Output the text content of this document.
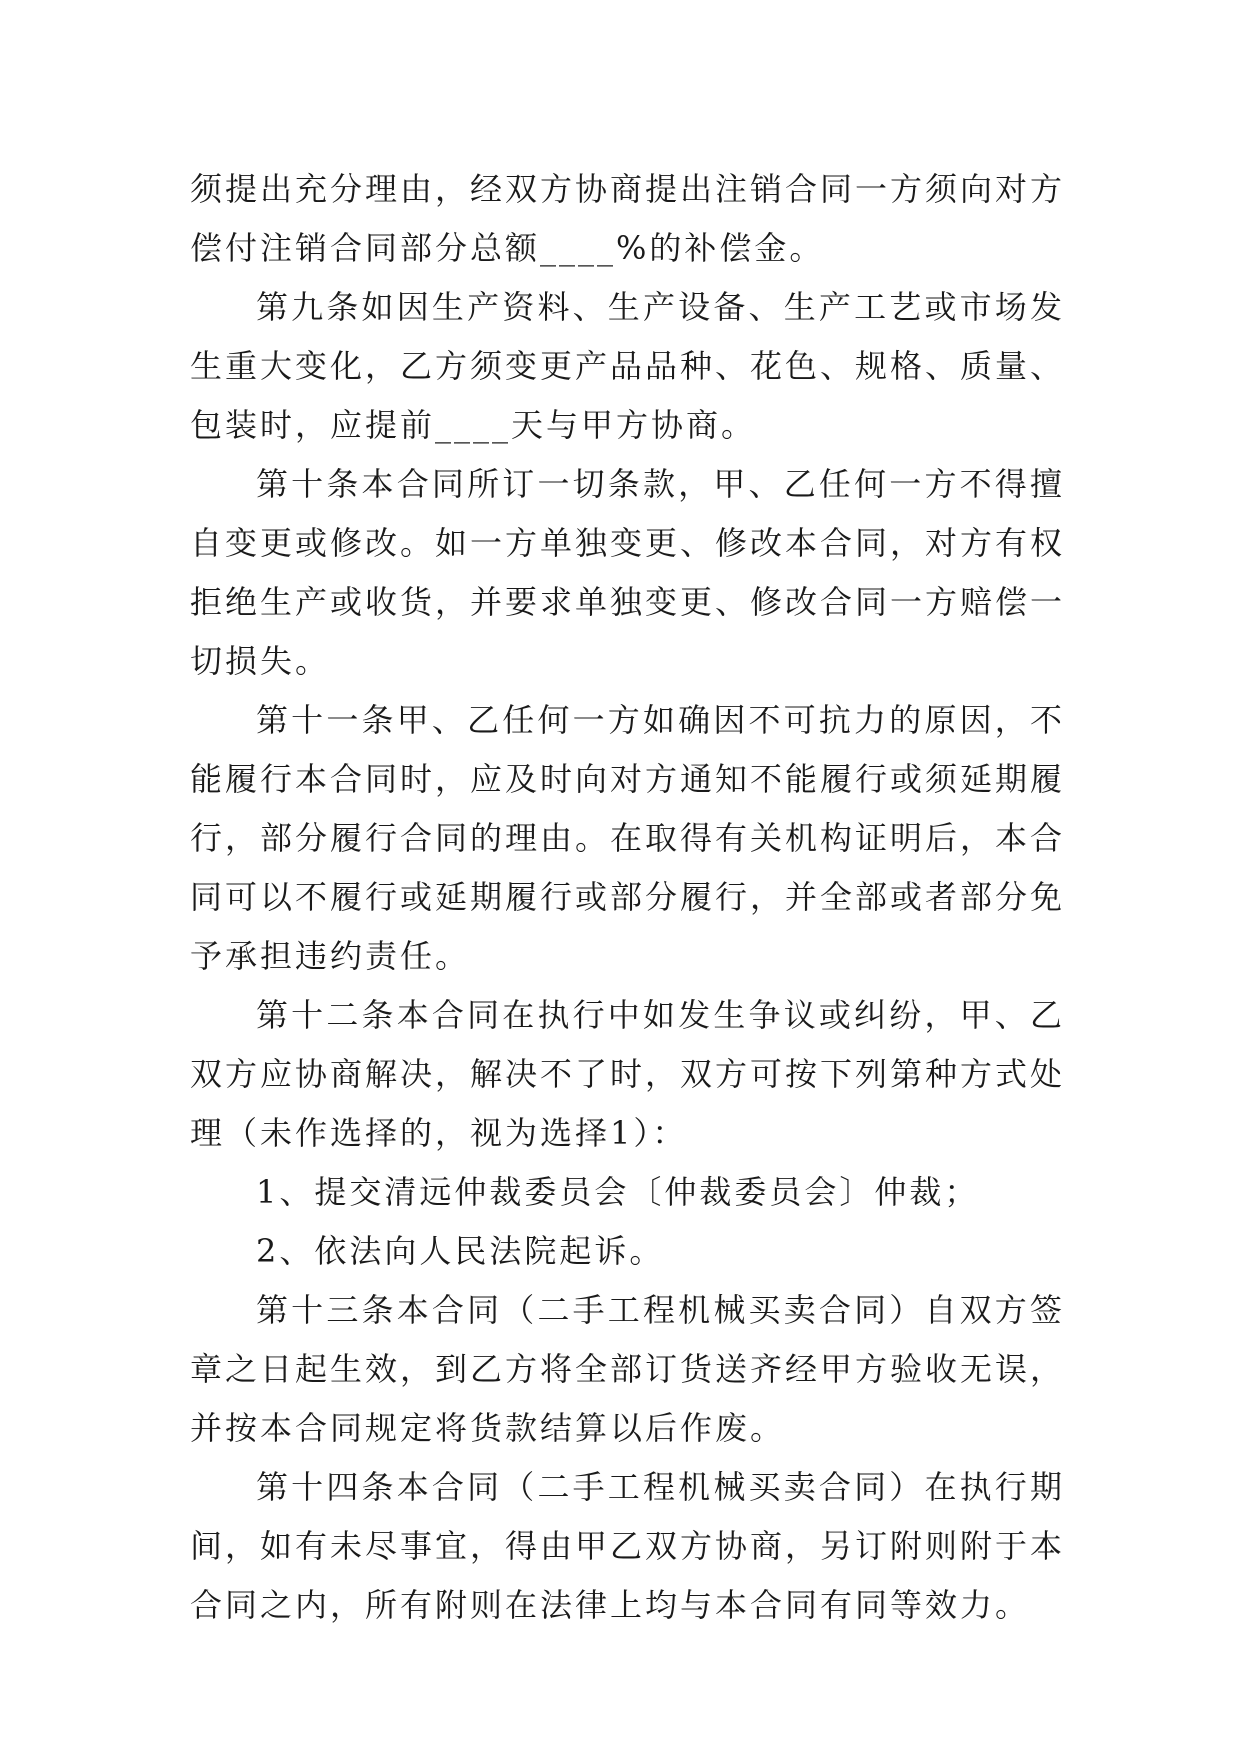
须提出充分理由，经双方协商提出注销合同一方须向对方偿付注销合同部分总额____%的补偿金。

第九条如因生产资料、生产设备、生产工艺或市场发生重大变化，乙方须变更产品品种、花色、规格、质量、包装时，应提前____天与甲方协商。

第十条本合同所订一切条款，甲、乙任何一方不得擅自变更或修改。如一方单独变更、修改本合同，对方有权拒绝生产或收货，并要求单独变更、修改合同一方赔偿一切损失。

第十一条甲、乙任何一方如确因不可抗力的原因，不能履行本合同时，应及时向对方通知不能履行或须延期履行，部分履行合同的理由。在取得有关机构证明后，本合同可以不履行或延期履行或部分履行，并全部或者部分免予承担违约责任。

第十二条本合同在执行中如发生争议或纠纷，甲、乙双方应协商解决，解决不了时，双方可按下列第种方式处理（未作选择的，视为选择1）：

1、提交清远仲裁委员会〔仲裁委员会〕仲裁；

2、依法向人民法院起诉。

第十三条本合同（二手工程机械买卖合同）自双方签章之日起生效，到乙方将全部订货送齐经甲方验收无误，并按本合同规定将货款结算以后作废。

第十四条本合同（二手工程机械买卖合同）在执行期间，如有未尽事宜，得由甲乙双方协商，另订附则附于本合同之内，所有附则在法律上均与本合同有同等效力。
